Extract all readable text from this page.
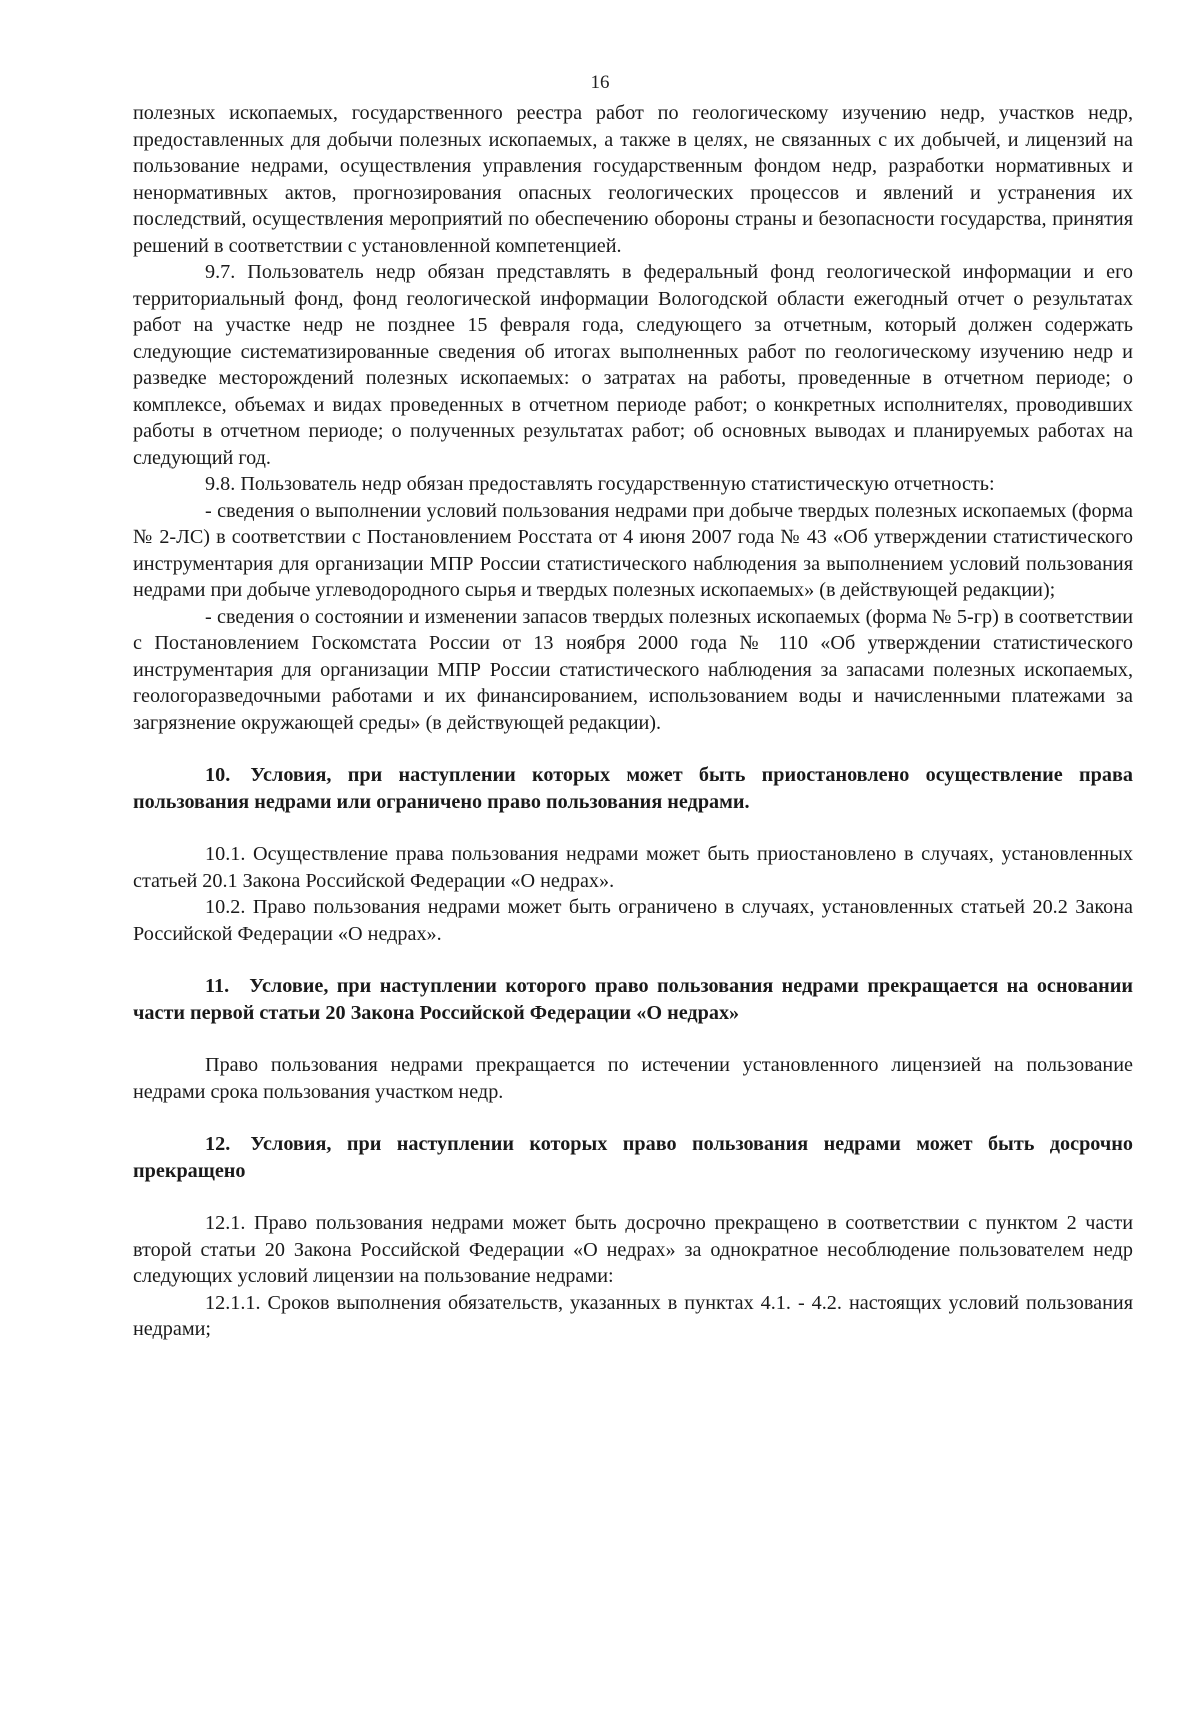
16

полезных ископаемых, государственного реестра работ по геологическому изучению недр, участков недр, предоставленных для добычи полезных ископаемых, а также в целях, не связанных с их добычей, и лицензий на пользование недрами, осуществления управления государственным фондом недр, разработки нормативных и ненормативных актов, прогнозирования опасных геологических процессов и явлений и устранения их последствий, осуществления мероприятий по обеспечению обороны страны и безопасности государства, принятия решений в соответствии с установленной компетенцией.

9.7. Пользователь недр обязан представлять в федеральный фонд геологической информации и его территориальный фонд, фонд геологической информации Вологодской области ежегодный отчет о результатах работ на участке недр не позднее 15 февраля года, следующего за отчетным, который должен содержать следующие систематизированные сведения об итогах выполненных работ по геологическому изучению недр и разведке месторождений полезных ископаемых: о затратах на работы, проведенные в отчетном периоде; о комплексе, объемах и видах проведенных в отчетном периоде работ; о конкретных исполнителях, проводивших работы в отчетном периоде; о полученных результатах работ; об основных выводах и планируемых работах на следующий год.

9.8. Пользователь недр обязан предоставлять государственную статистическую отчетность:

- сведения о выполнении условий пользования недрами при добыче твердых полезных ископаемых (форма № 2-ЛС) в соответствии с Постановлением Росстата от 4 июня 2007 года № 43 «Об утверждении статистического инструментария для организации МПР России статистического наблюдения за выполнением условий пользования недрами при добыче углеводородного сырья и твердых полезных ископаемых» (в действующей редакции);

- сведения о состоянии и изменении запасов твердых полезных ископаемых (форма № 5-гр) в соответствии с Постановлением Госкомстата России от 13 ноября 2000 года № 110 «Об утверждении статистического инструментария для организации МПР России статистического наблюдения за запасами полезных ископаемых, геологоразведочными работами и их финансированием, использованием воды и начисленными платежами за загрязнение окружающей среды» (в действующей редакции).

10. Условия, при наступлении которых может быть приостановлено осуществление права пользования недрами или ограничено право пользования недрами.

10.1. Осуществление права пользования недрами может быть приостановлено в случаях, установленных статьей 20.1 Закона Российской Федерации «О недрах».

10.2. Право пользования недрами может быть ограничено в случаях, установленных статьей 20.2 Закона Российской Федерации «О недрах».

11. Условие, при наступлении которого право пользования недрами прекращается на основании части первой статьи 20 Закона Российской Федерации «О недрах»

Право пользования недрами прекращается по истечении установленного лицензией на пользование недрами срока пользования участком недр.

12. Условия, при наступлении которых право пользования недрами может быть досрочно прекращено

12.1. Право пользования недрами может быть досрочно прекращено в соответствии с пунктом 2 части второй статьи 20 Закона Российской Федерации «О недрах» за однократное несоблюдение пользователем недр следующих условий лицензии на пользование недрами:

12.1.1. Сроков выполнения обязательств, указанных в пунктах 4.1. - 4.2. настоящих условий пользования недрами;
